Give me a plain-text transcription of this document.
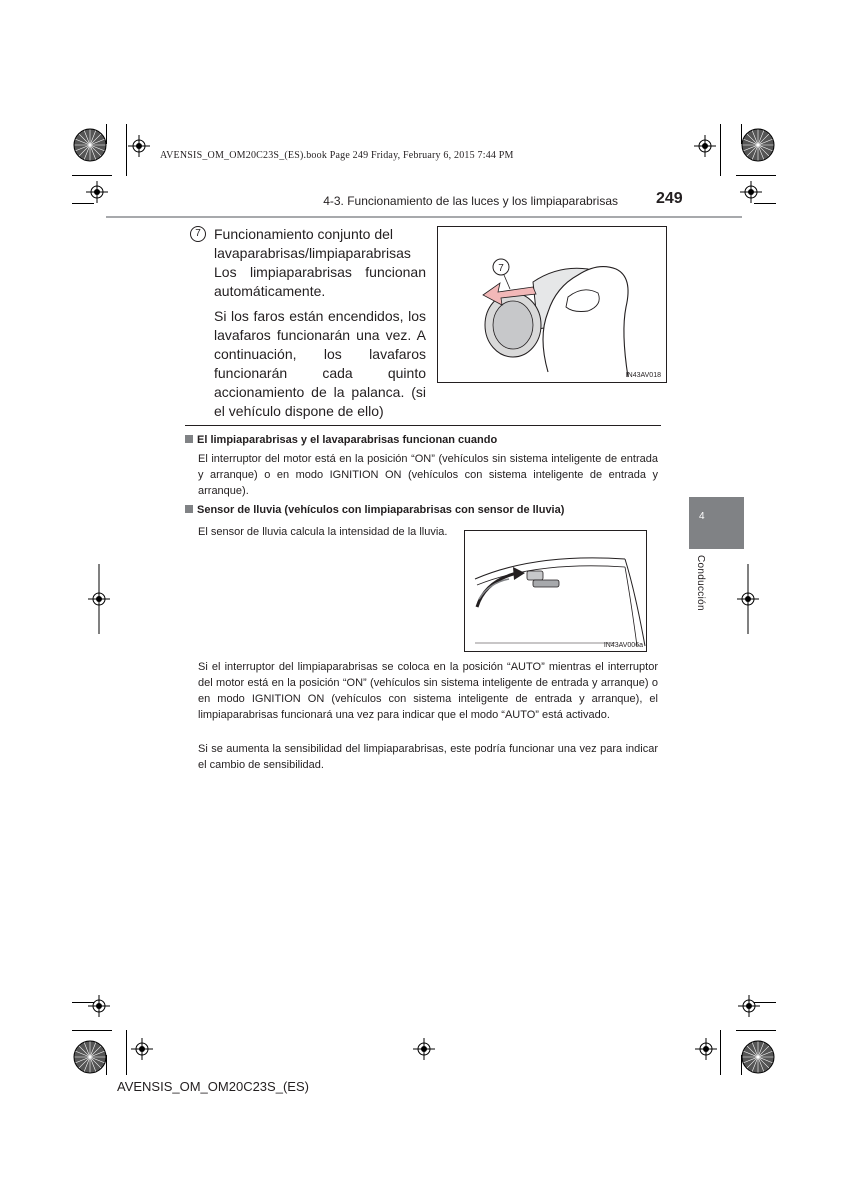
AVENSIS_OM_OM20C23S_(ES).book Page 249 Friday, February 6, 2015 7:44 PM
4-3. Funcionamiento de las luces y los limpiaparabrisas 249
7 Funcionamiento conjunto del lavaparabrisas/limpiaparabrisas

Los limpiaparabrisas funcionan automáticamente.

Si los faros están encendidos, los lavafaros funcionarán una vez. A continuación, los lavafaros funcionarán cada quinto accionamiento de la palanca. (si el vehículo dispone de ello)

7
IN43AV018
El limpiaparabrisas y el lavaparabrisas funcionan cuando
El interruptor del motor está en la posición “ON” (vehículos sin sistema inteligente de entrada y arranque) o en modo IGNITION ON (vehículos con sistema inteligente de entrada y arranque).
Sensor de lluvia (vehículos con limpiaparabrisas con sensor de lluvia)
El sensor de lluvia calcula la intensidad de la lluvia.
IN43AV006a
Si el interruptor del limpiaparabrisas se coloca en la posición “AUTO” mientras el interruptor del motor está en la posición “ON” (vehículos sin sistema inteligente de entrada y arranque) o en modo IGNITION ON (vehículos con sistema inteligente de entrada y arranque), el limpiaparabrisas funcionará una vez para indicar que el modo “AUTO” está activado.
Si se aumenta la sensibilidad del limpiaparabrisas, este podría funcionar una vez para indicar el cambio de sensibilidad.
4
Conducción
AVENSIS_OM_OM20C23S_(ES)
